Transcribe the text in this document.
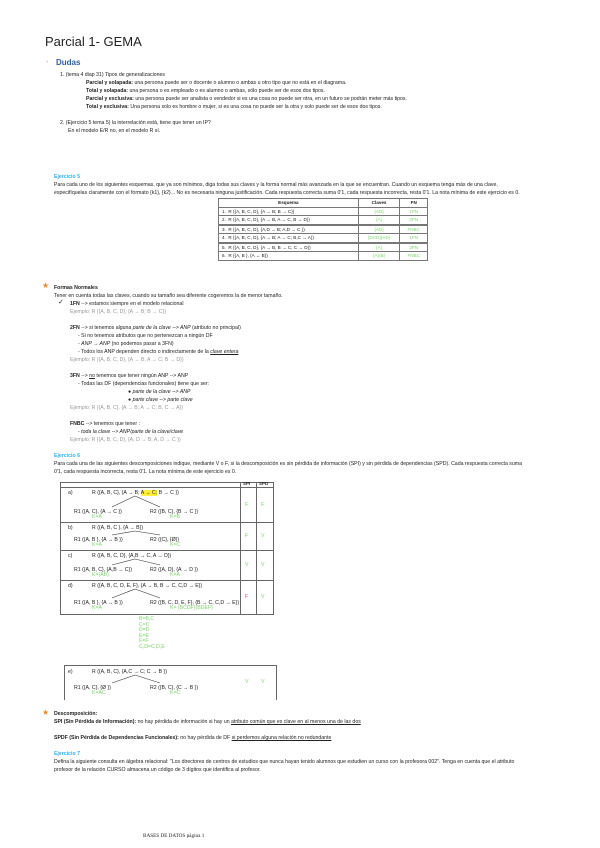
Parcial 1- GEMA
⁺ Dudas
1. (tema 4 diap 31) Tipos de generalizaciones
Parcial y solapada: una persona puede ser o docente o alumno o ambas u otro tipo que no está en el diagrama.
Total y solapada: una persona o es empleado o es alumno o ambas, sólo puede ser de esos dos tipos.
Parcial y exclusiva: una persona puede ser analista o vendedor si es una cosa no puede ser otra, en un futuro se podrán meter más tipos.
Total y exclusiva: Una persona solo es hombre o mujer, si es una cosa no puede ser la otra y solo puede ser de esos dos tipos.
2. (Ejercicio 5 tema 5) la interrelación está, tiene que tener un IP?
En el modelo E/R no, en el modelo R sí.
Ejercicio 5
Para cada uno de los siguientes esquemas, que ya son mínimos, diga todas sus claves y la forma normal más avanzada en la que se encuentran. Cuando un esquema tenga más de una clave,
especifíquelas claramente con el formato {k1}, {k2}... No es necesaria ninguna justificación. Cada respuesta correcta suma 0'1, cada respuesta incorrecta, resta 0'1. La nota mínima de este ejercicio es 0.
Esquema	Claves	FN
1. R ({A, B, C, D}, {A → B; B → C})	{AD}	1FN
2. R ({A, B, C, D}, {A → B, A → C, B → D})	{A}	2FN
3. R ({A, B, C, D}, {A,D → B; A,D → C })	{AD}	FNBC
4. R ({A, B, C, D}, {A → B; A → C; B,C → A})	{DCD}{AD}	1FN
5. R ({A, B, C, D}, {A → B, B → C, C → D})	{A}	2FN
6. R ({A, B }, {A ↔ B})	{A}{B}	FNBC
★ Formas Normales
Tener en cuenta todas las claves, cuando su tamaño sea diferente cogeremos la de menor tamaño.
✓ 1FN --> estamos siempre en el modelo relacional
Ejemplo: R ({A, B, C, D}, {A → B; B → C})
2FN --> si tenemos alguna parte de la clave --> ANP (atributo no principal)
- Si no tenemos atributos que no pertenezcan a ningún DF
- ANP → ANP (no podemos pasar a 3FN)
- Todos los ANP dependen directo o indirectamente de la clave entera
Ejemplo: R ({A, B, C, D}, {A → B; A → C; B → D})
3FN --> no tenemos que tener ningún ANP --> ANP
- Todas las DF (dependencias funcionales) tiene que ser:
● parte de la clave --> ANP
● parte clave --> parte clave
Ejemplo: R ({A, B, C}, {A → B; A → C; B, C → A})
FNBC --> tenemos que tener :
- toda la clave --> ANP/parte de la clave/clave
Ejemplo: R ({A, B, C, D}, {A, D → B; A, D → C })
Ejercicio 6
Para cada una de las siguientes descomposiciones indique, mediante V o F, si la descomposición es sin pérdida de información (SPI) y sin pérdida de dependencias (SPD). Cada respuesta correcta suma
0'1, cada respuesta incorrecta, resta 0'1. La nota mínima de este ejercicio es 0.
SPI SPD
a)	R ({A, B, C}, {A → B; A → C; B → C })
R1 ({A, C}, {A → C })
K=A
R2 ({B, C}, {B → C })
K=B
F F
b)	R ({A, B, C }, {A → B})
R1 ({A, B }, {A → B })
K=A
R2 ({C}, {Ø})
K=C
F V
c)	R ({A, B, C, D}, {A,B → C, A → D})
R1 ({A, B, C}, {A,B → C})
K=(AB)
R2 ({A, D}, {A → D })
K=A
V V
d)	R ({A, B, C, D, E, F}, {A → B, B → C, C,D → E})
R1 ({A, B }, {A → B })
K=A
R2 ({B, C, D, E, F}, {B → C, C,D → E})
K= {BCDF}{BDEF}
F V
B=B,C
C=C
D=D
E=E
F=F
C,D=C,D,E
e)	R ({A, B, C}, {A,C → C; C → B })
R1 ({A, C}, {Ø })
K=AC
R2 ({B, C}, {C → B })
K=C
V V
★ Descomposición:
SPI (Sin Pérdida de Información): no hay pérdida de información si hay un atributo común que es clave en al menos una de las dos
SPDF (Sin Pérdida de Dependencias Funcionales): no hay pérdida de DF si perdemos alguna relación no redundante
Ejercicio 7
Defina la siguiente consulta en álgebra relacional: "Los directores de centros de estudios que nunca hayan tenido alumnos que estudien un curso con la profesora 002". Tenga en cuenta que el atributo
profesor de la relación CURSO almacena un código de 3 dígitos que identifica al profesor.
BASES DE DATOS página 1
